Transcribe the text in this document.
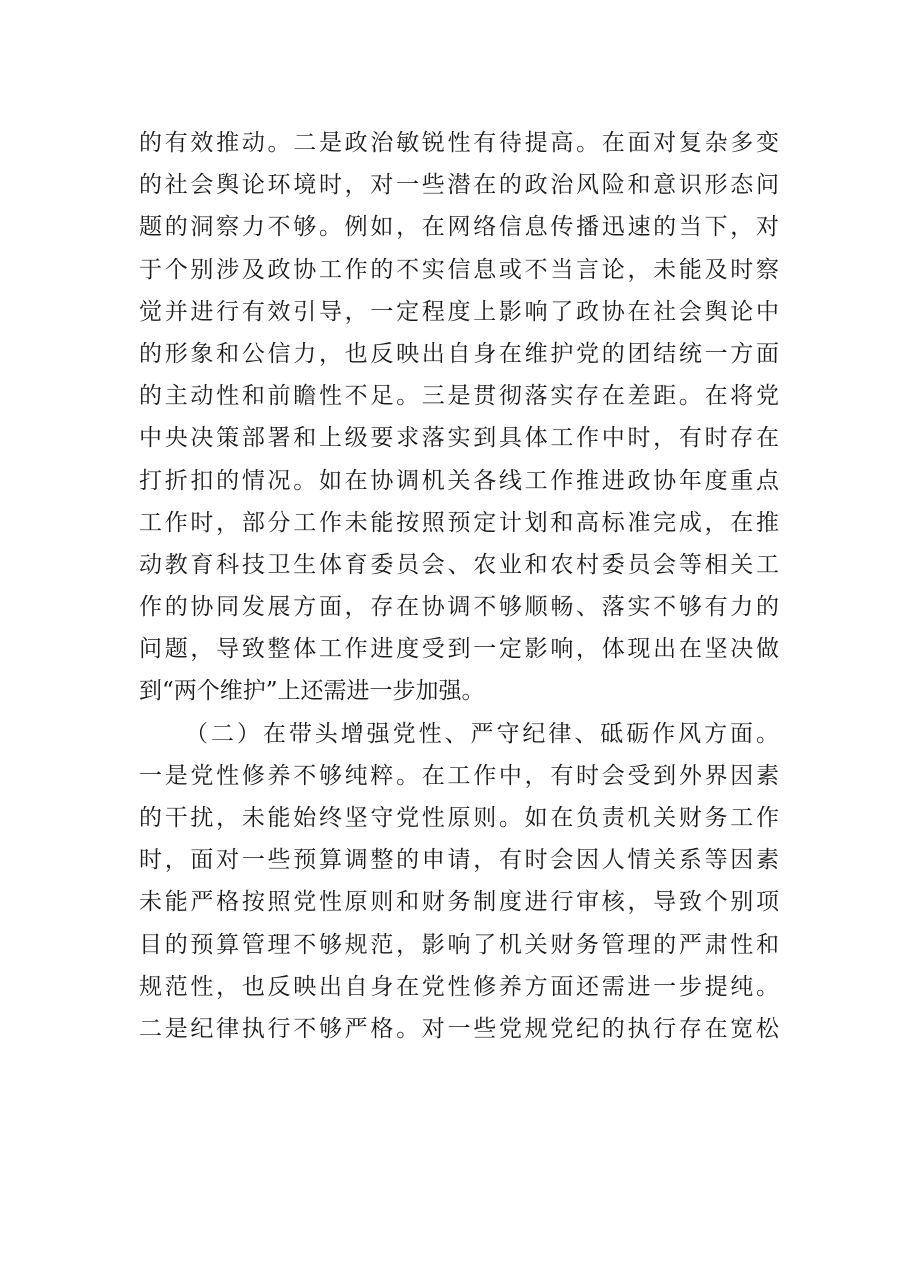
的有效推动。二是政治敏锐性有待提高。在面对复杂多变
的社会舆论环境时，对一些潜在的政治风险和意识形态问
题的洞察力不够。例如，在网络信息传播迅速的当下，对
于个别涉及政协工作的不实信息或不当言论，未能及时察
觉并进行有效引导，一定程度上影响了政协在社会舆论中
的形象和公信力，也反映出自身在维护党的团结统一方面
的主动性和前瞻性不足。三是贯彻落实存在差距。在将党
中央决策部署和上级要求落实到具体工作中时，有时存在
打折扣的情况。如在协调机关各线工作推进政协年度重点
工作时，部分工作未能按照预定计划和高标准完成，在推
动教育科技卫生体育委员会、农业和农村委员会等相关工
作的协同发展方面，存在协调不够顺畅、落实不够有力的
问题，导致整体工作进度受到一定影响，体现出在坚决做
到“两个维护”上还需进一步加强。
（二）在带头增强党性、严守纪律、砥砺作风方面。
一是党性修养不够纯粹。在工作中，有时会受到外界因素
的干扰，未能始终坚守党性原则。如在负责机关财务工作
时，面对一些预算调整的申请，有时会因人情关系等因素
未能严格按照党性原则和财务制度进行审核，导致个别项
目的预算管理不够规范，影响了机关财务管理的严肃性和
规范性，也反映出自身在党性修养方面还需进一步提纯。
二是纪律执行不够严格。对一些党规党纪的执行存在宽松
